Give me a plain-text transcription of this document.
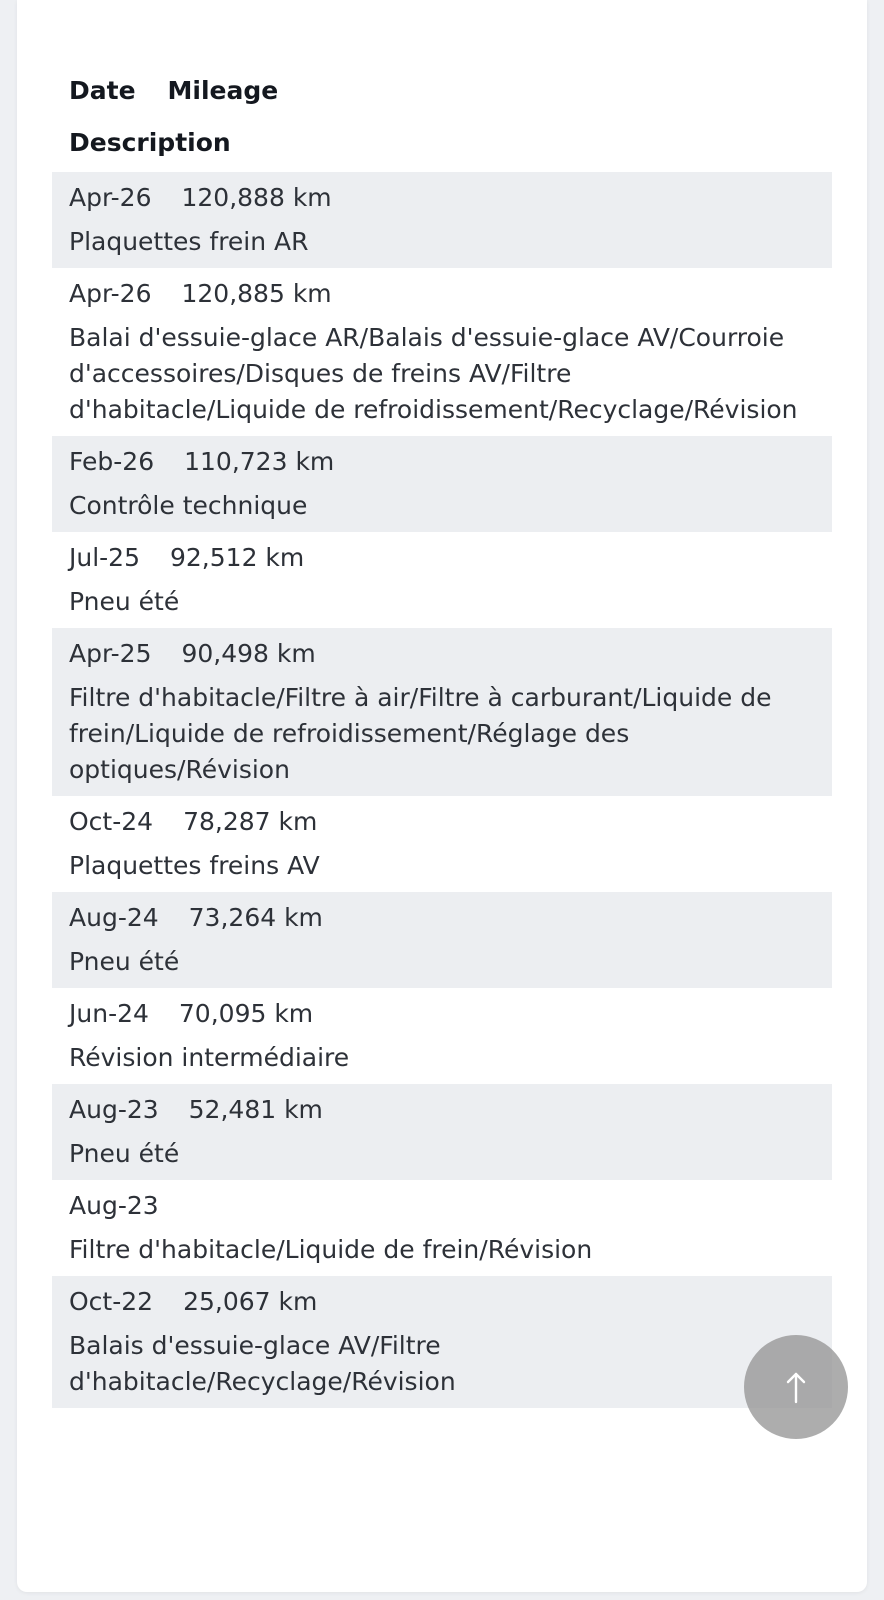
Date Mileage
Description
Apr-26 120,888 km
Plaquettes frein AR
Apr-26 120,885 km
Balai d'essuie-glace AR/Balais d'essuie-glace AV/Courroie d'accessoires/Disques de freins AV/Filtre d'habitacle/Liquide de refroidissement/Recyclage/Révision
Feb-26 110,723 km
Contrôle technique
Jul-25 92,512 km
Pneu été
Apr-25 90,498 km
Filtre d'habitacle/Filtre à air/Filtre à carburant/Liquide de frein/Liquide de refroidissement/Réglage des optiques/Révision
Oct-24 78,287 km
Plaquettes freins AV
Aug-24 73,264 km
Pneu été
Jun-24 70,095 km
Révision intermédiaire
Aug-23 52,481 km
Pneu été
Aug-23
Filtre d'habitacle/Liquide de frein/Révision
Oct-22 25,067 km
Balais d'essuie-glace AV/Filtre d'habitacle/Recyclage/Révision
